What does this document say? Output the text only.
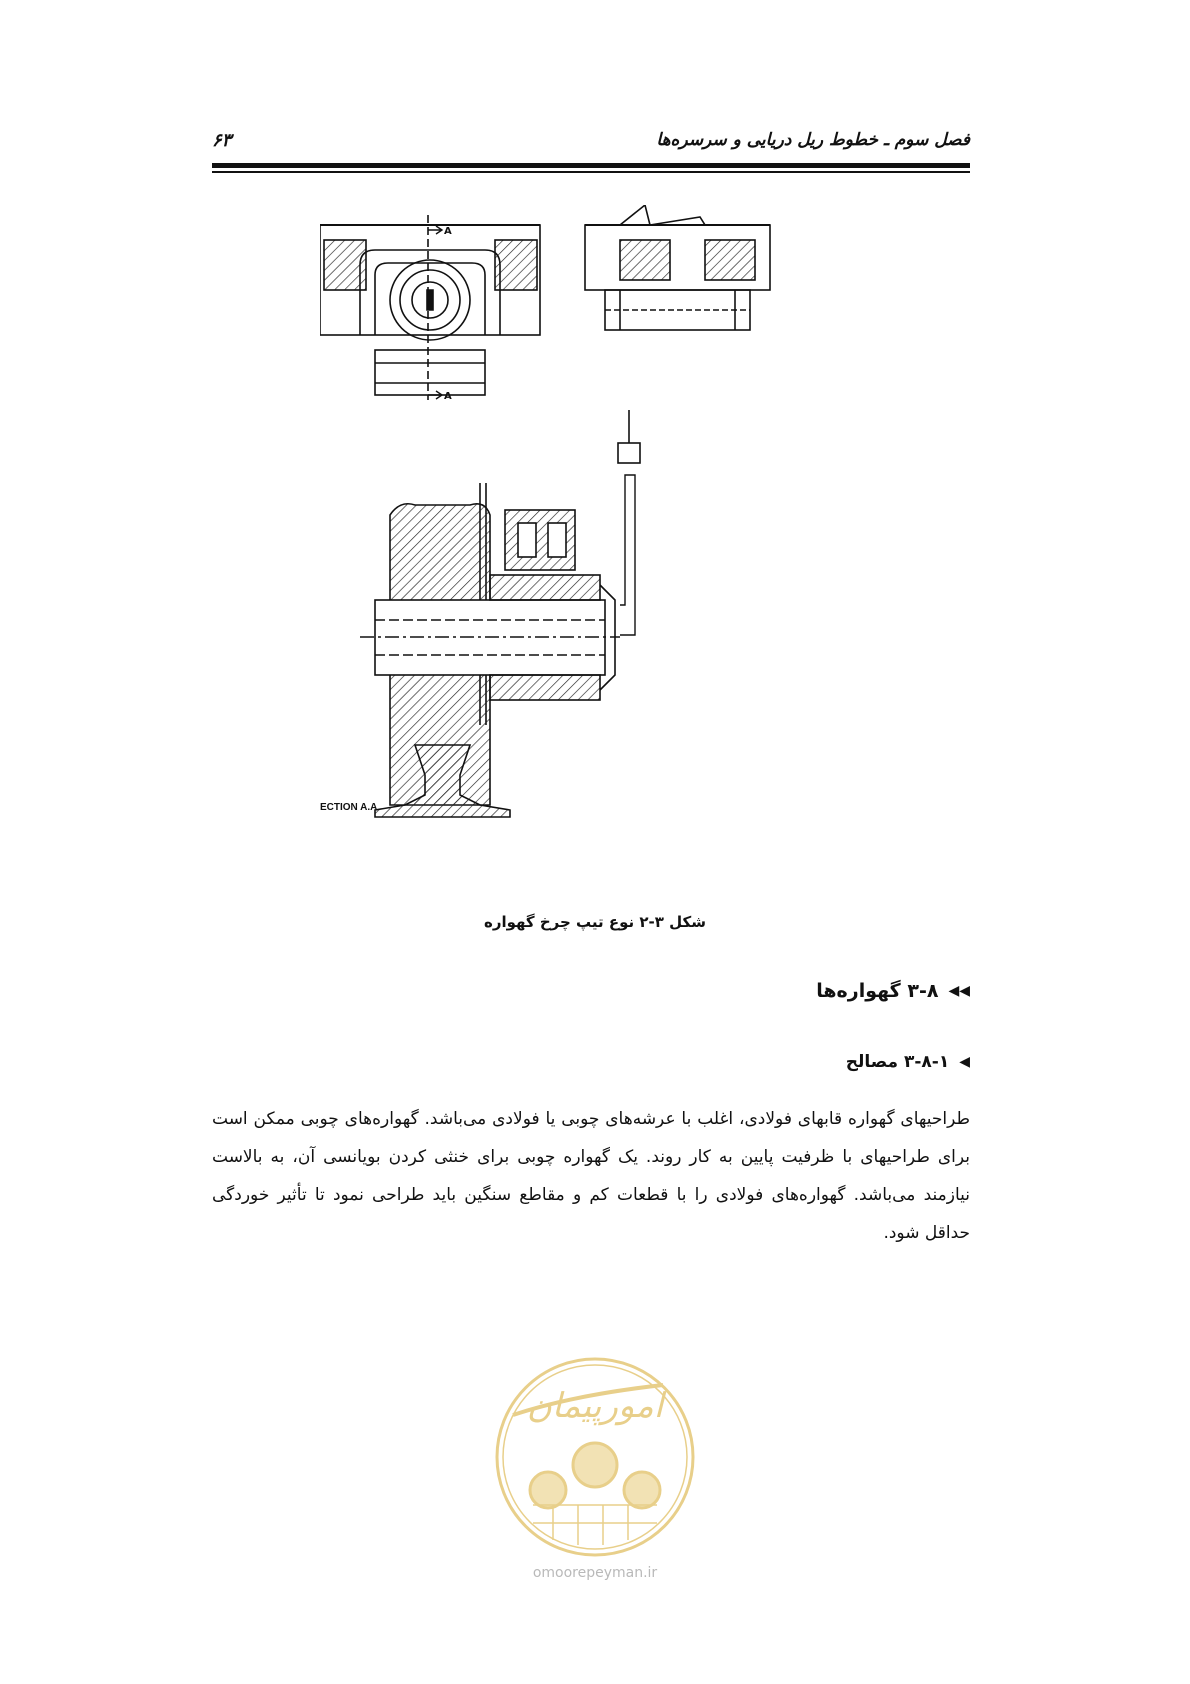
فصل سوم ـ خطوط ریل دریایی و سرسره‌ها
۶۳
A
A
ECTION A.A
شکل ۳-۲ نوع تیپ چرخ گهواره
◀◀
۳-۸ گهواره‌ها
◀
۳-۸-۱ مصالح
طراحیهای گهواره قابهای فولادی، اغلب با عرشه‌های چوبی یا فولادی می‌باشد. گهواره‌های چوبی ممکن است برای طراحیهای با ظرفیت پایین به کار روند. یک گهواره چوبی برای خنثی کردن بویانسی آن، به بالاست نیازمند می‌باشد. گهواره‌های فولادی را با قطعات کم و مقاطع سنگین باید طراحی نمود تا تأثیر خوردگی حداقل شود.
امورپیمان
omoorepeyman.ir
